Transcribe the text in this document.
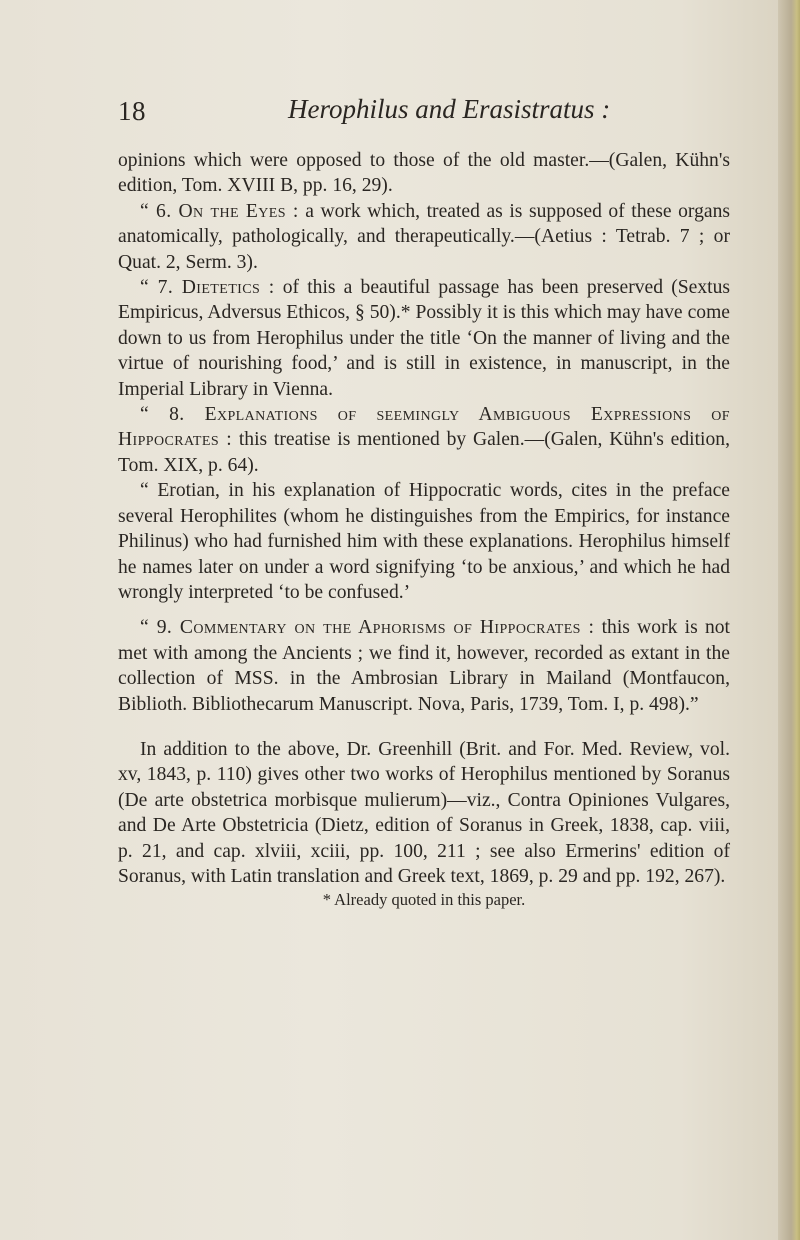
18	Herophilus and Erasistratus :

opinions which were opposed to those of the old master.—(Galen, Kühn's edition, Tom. XVIII B, pp. 16, 29).

“ 6. On the Eyes : a work which, treated as is supposed of these organs anatomically, pathologically, and therapeutically.—(Aetius : Tetrab. 7 ; or Quat. 2, Serm. 3).

“ 7. Dietetics : of this a beautiful passage has been preserved (Sextus Empiricus, Adversus Ethicos, § 50).* Possibly it is this which may have come down to us from Herophilus under the title ‘On the manner of living and the virtue of nourishing food,’ and is still in existence, in manuscript, in the Imperial Library in Vienna.

“ 8. Explanations of seemingly Ambiguous Expressions of Hippocrates : this treatise is mentioned by Galen.—(Galen, Kühn's edition, Tom. XIX, p. 64).

“ Erotian, in his explanation of Hippocratic words, cites in the preface several Herophilites (whom he distinguishes from the Empirics, for instance Philinus) who had furnished him with these explanations. Herophilus himself he names later on under a word signifying ‘to be anxious,’ and which he had wrongly interpreted ‘to be confused.’

“ 9. Commentary on the Aphorisms of Hippocrates : this work is not met with among the Ancients ; we find it, however, recorded as extant in the collection of MSS. in the Ambrosian Library in Mailand (Montfaucon, Biblioth. Bibliothecarum Manuscript. Nova, Paris, 1739, Tom. I, p. 498).”

In addition to the above, Dr. Greenhill (Brit. and For. Med. Review, vol. xv, 1843, p. 110) gives other two works of Herophilus mentioned by Soranus (De arte obstetrica morbisque mulierum)—viz., Contra Opiniones Vulgares, and De Arte Obstetricia (Dietz, edition of Soranus in Greek, 1838, cap. viii, p. 21, and cap. xlviii, xciii, pp. 100, 211 ; see also Ermerins' edition of Soranus, with Latin translation and Greek text, 1869, p. 29 and pp. 192, 267).

* Already quoted in this paper.
